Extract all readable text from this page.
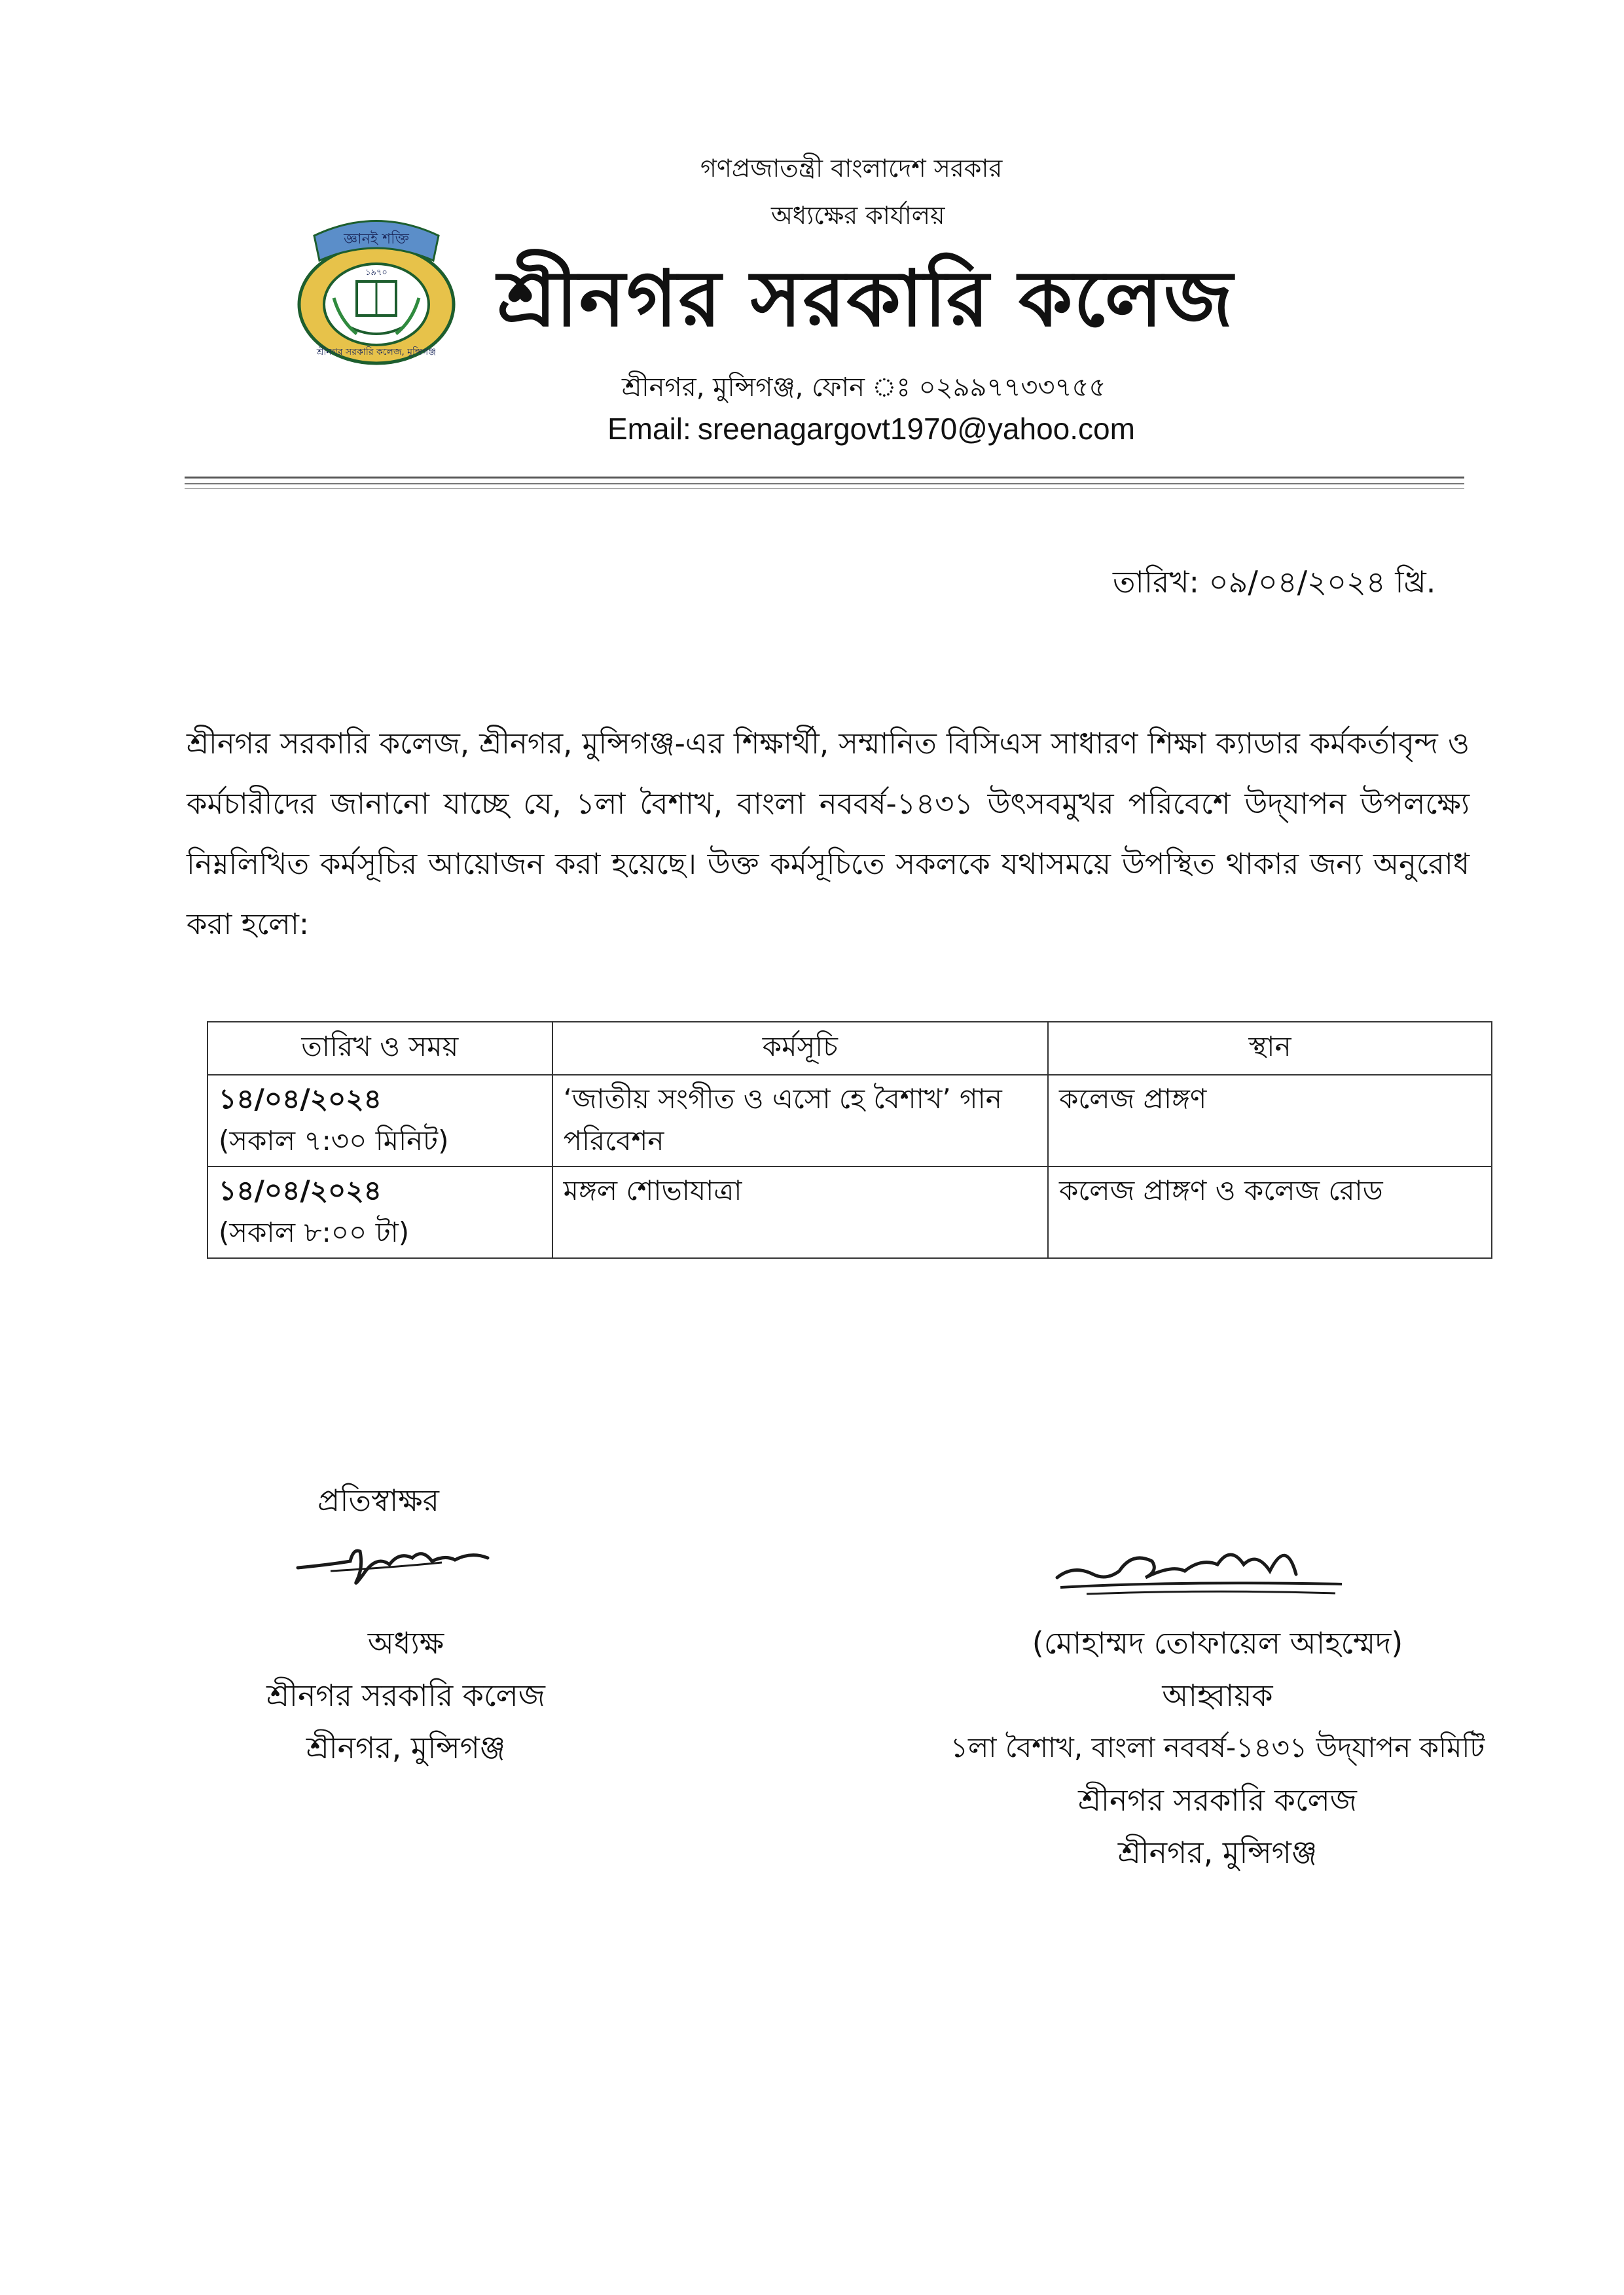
গণপ্রজাতন্ত্রী বাংলাদেশ সরকার
অধ্যক্ষের কার্যালয়
জ্ঞানই শক্তি
১৯৭০
শ্রীনগর সরকারি কলেজ, মুন্সিগঞ্জ
শ্রীনগর সরকারি কলেজ
শ্রীনগর, মুন্সিগঞ্জ, ফোন ঃ ০২৯৯৭৭৩৩৭৫৫
Email: sreenagargovt1970@yahoo.com
তারিখ: ০৯/০৪/২০২৪ খ্রি.
শ্রীনগর সরকারি কলেজ, শ্রীনগর, মুন্সিগঞ্জ-এর শিক্ষার্থী, সম্মানিত বিসিএস সাধারণ শিক্ষা ক্যাডার কর্মকর্তাবৃন্দ ও কর্মচারীদের জানানো যাচ্ছে যে, ১লা বৈশাখ, বাংলা নববর্ষ-১৪৩১ উৎসবমুখর পরিবেশে উদ্‌যাপন উপলক্ষ্যে নিম্নলিখিত কর্মসূচির আয়োজন করা হয়েছে। উক্ত কর্মসূচিতে সকলকে যথাসময়ে উপস্থিত থাকার জন্য অনুরোধ করা হলো:
তারিখ ও সময়	কর্মসূচি	স্থান

১৪/০৪/২০২৪
(সকাল ৭:৩০ মিনিট)	‘জাতীয় সংগীত ও এসো হে বৈশাখ’ গান পরিবেশন	কলেজ প্রাঙ্গণ

১৪/০৪/২০২৪
(সকাল ৮:০০ টা)	মঙ্গল শোভাযাত্রা	কলেজ প্রাঙ্গণ ও কলেজ রোড
প্রতিস্বাক্ষর
অধ্যক্ষ
শ্রীনগর সরকারি কলেজ
শ্রীনগর, মুন্সিগঞ্জ
(মোহাম্মদ তোফায়েল আহম্মেদ)
আহ্বায়ক
১লা বৈশাখ, বাংলা নববর্ষ-১৪৩১ উদ্‌যাপন কমিটি
শ্রীনগর সরকারি কলেজ
শ্রীনগর, মুন্সিগঞ্জ
